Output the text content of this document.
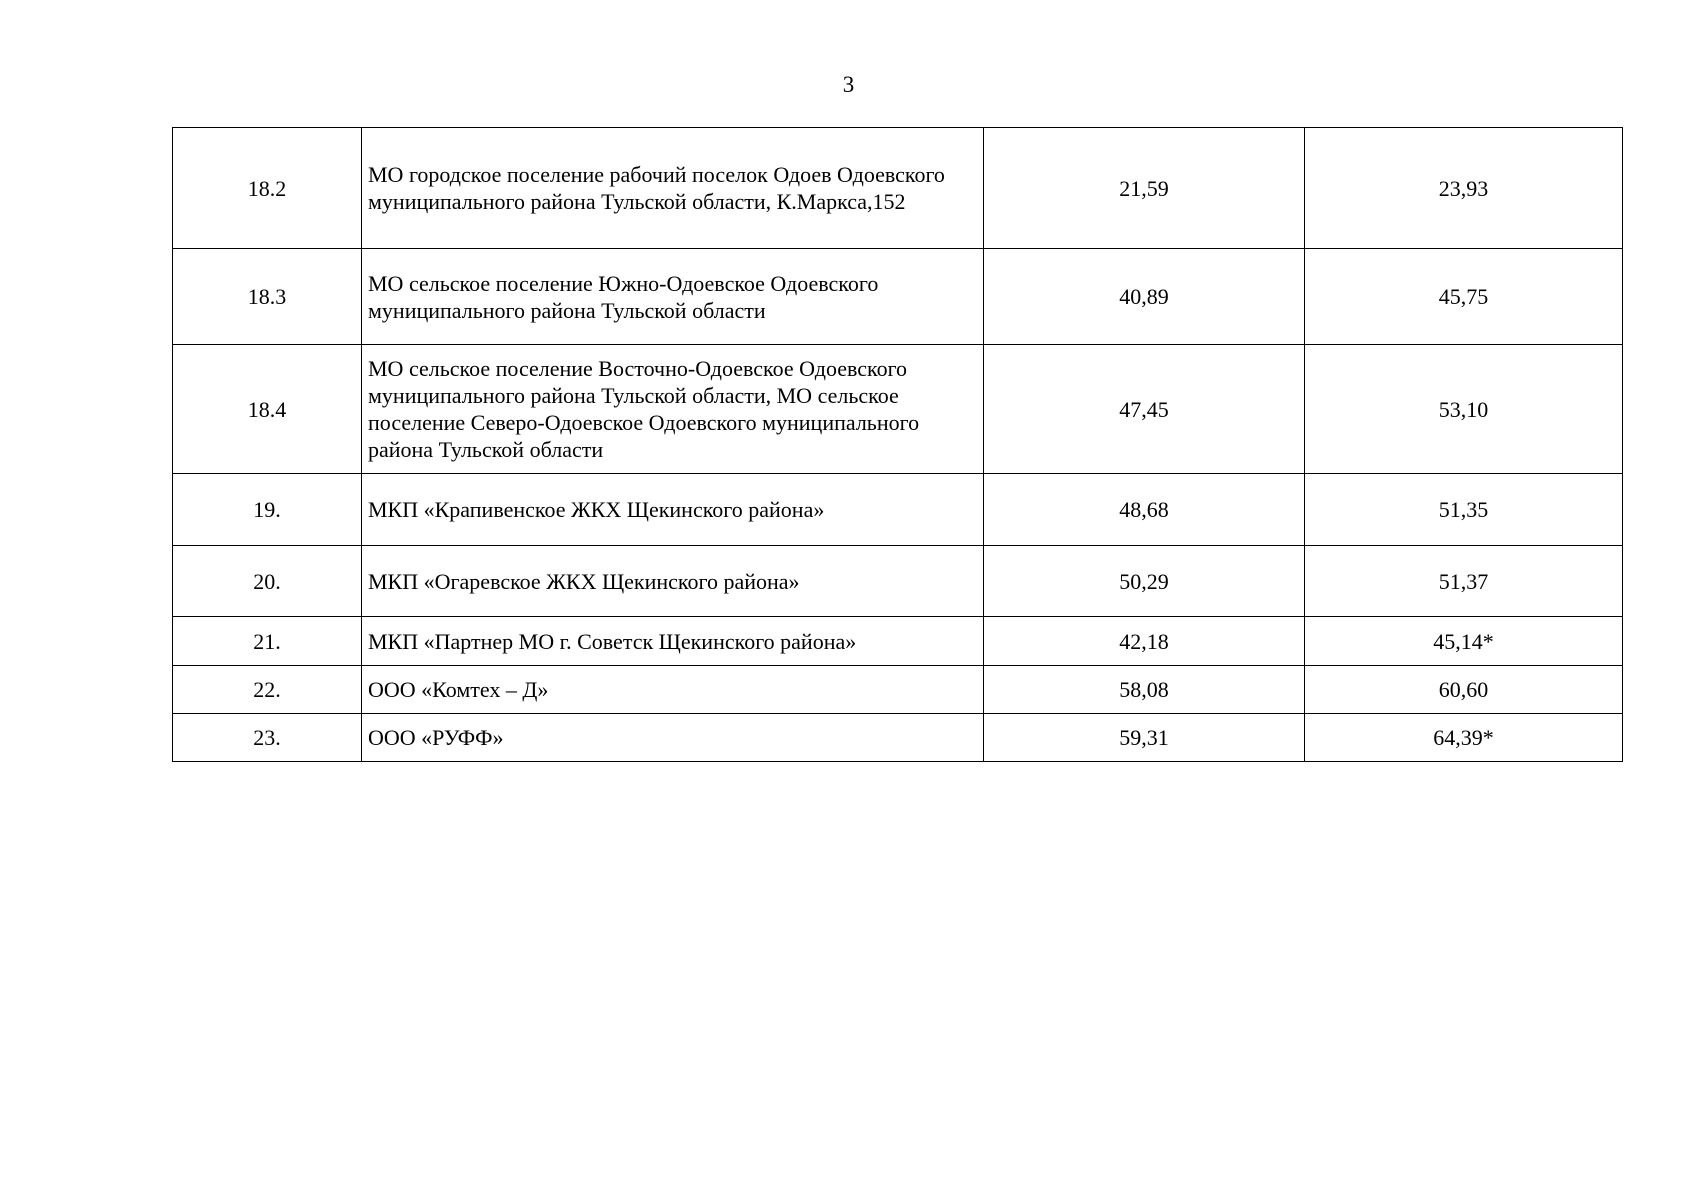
3
18.2	МО городское поселение рабочий поселок Одоев Одоевского муниципального района Тульской области, К.Маркса,152	21,59	23,93
18.3	МО сельское поселение Южно-Одоевское Одоевского муниципального района Тульской области	40,89	45,75
18.4	МО сельское поселение Восточно-Одоевское Одоевского муниципального района Тульской области, МО сельское поселение Северо-Одоевское Одоевского муниципального района Тульской области	47,45	53,10
19.	МКП «Крапивенское ЖКХ Щекинского района»	48,68	51,35
20.	МКП «Огаревское ЖКХ Щекинского района»	50,29	51,37
21.	МКП «Партнер МО г. Советск Щекинского района»	42,18	45,14*
22.	ООО «Комтех – Д»	58,08	60,60
23.	ООО «РУФФ»	59,31	64,39*
